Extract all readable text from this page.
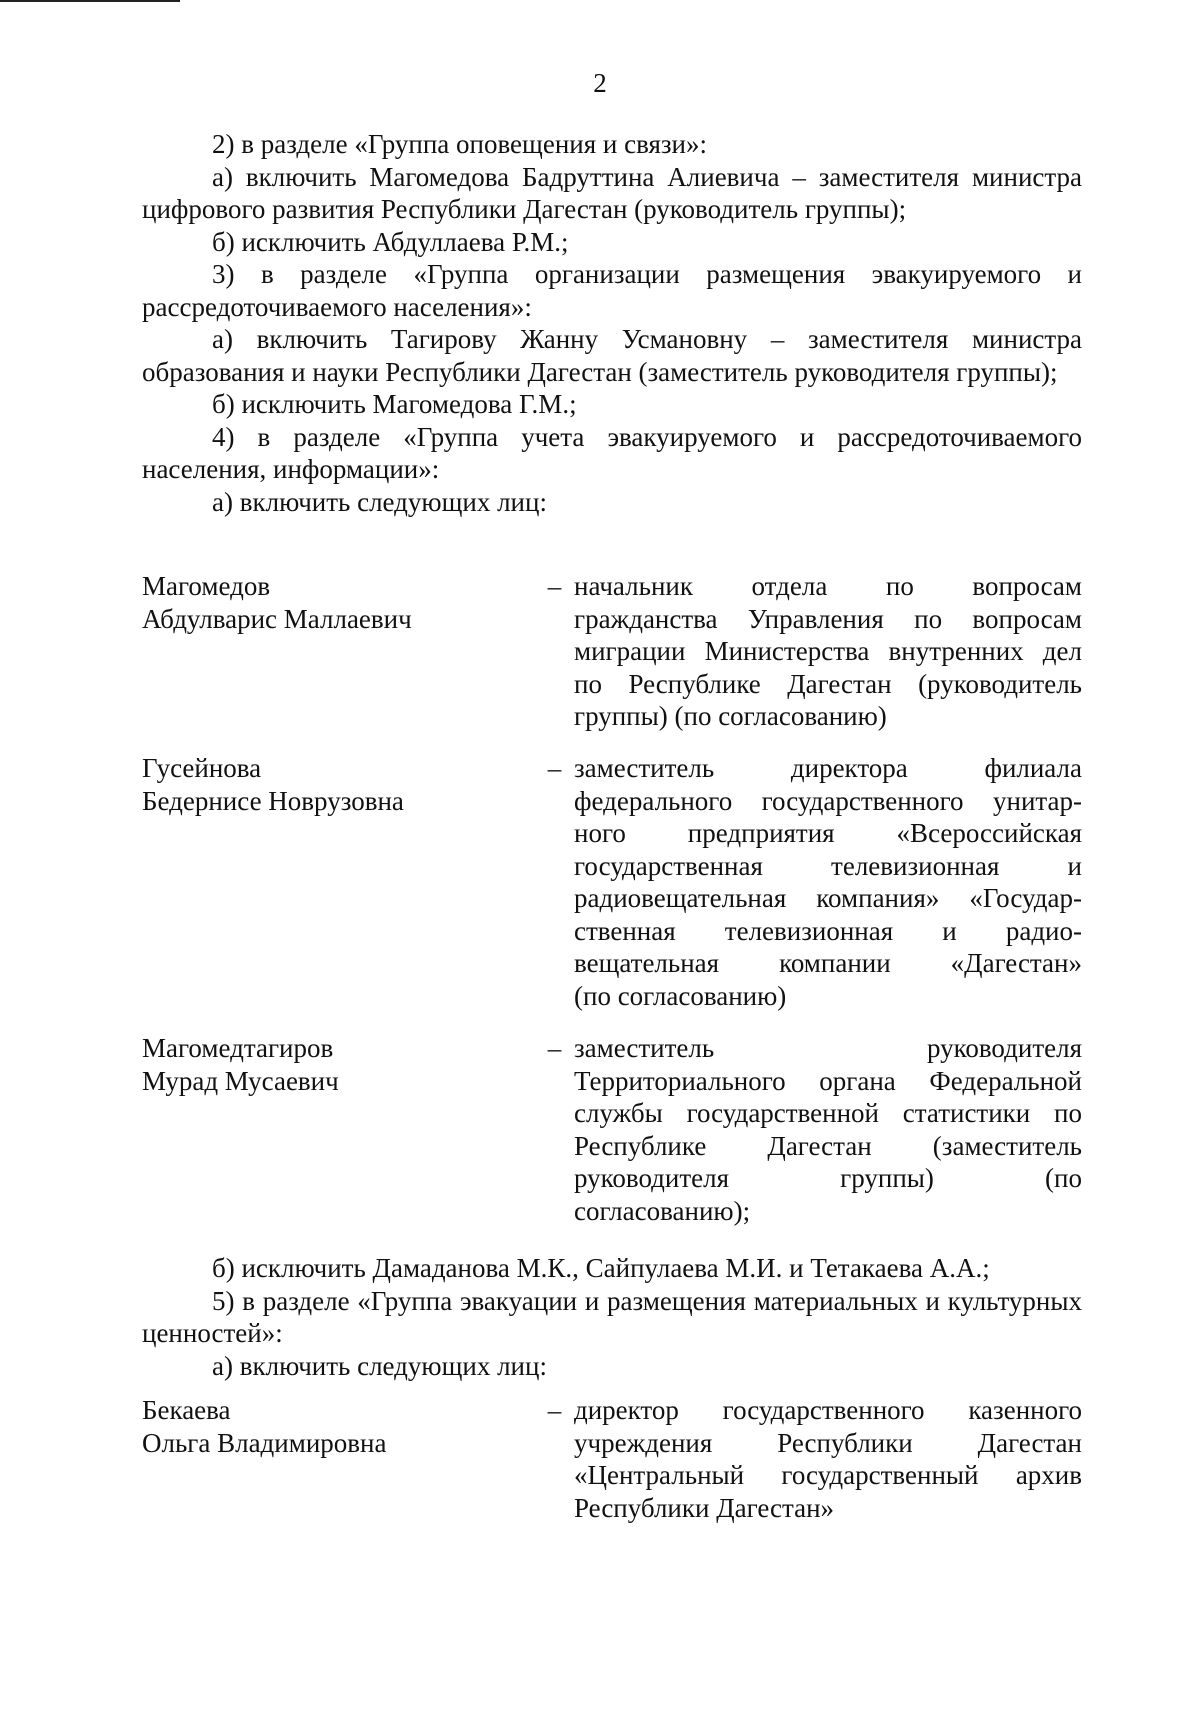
2

2) в разделе «Группа оповещения и связи»:

а) включить Магомедова Бадруттина Алиевича – заместителя министра цифрового развития Республики Дагестан (руководитель группы);

б) исключить Абдуллаева Р.М.;

3) в разделе «Группа организации размещения эвакуируемого и рассредоточиваемого населения»:

а) включить Тагирову Жанну Усмановну – заместителя министра образования и науки Республики Дагестан (заместитель руководителя группы);

б) исключить Магомедова Г.М.;

4) в разделе «Группа учета эвакуируемого и рассредоточиваемого населения, информации»:

а) включить следующих лиц:

Магомедов
Абдулварис Маллаевич
– начальник отдела по вопросам
гражданства Управления по вопросам
миграции Министерства внутренних дел
по Республике Дагестан (руководитель
группы) (по согласованию)
Гусейнова
Бедернисе Новрузовна
– заместитель директора филиала
федерального государственного унитар-
ного предприятия «Всероссийская
государственная телевизионная и
радиовещательная компания» «Государ-
ственная телевизионная и радио-
вещательная компании «Дагестан»
(по согласованию)
Магомедтагиров
Мурад Мусаевич
– заместитель руководителя
Территориального органа Федеральной
службы государственной статистики по
Республике Дагестан (заместитель
руководителя группы) (по
согласованию);

б) исключить Дамаданова М.К., Сайпулаева М.И. и Тетакаева А.А.;

5) в разделе «Группа эвакуации и размещения материальных и культурных ценностей»:

а) включить следующих лиц:

Бекаева
Ольга Владимировна
– директор государственного казенного
учреждения Республики Дагестан
«Центральный государственный архив
Республики Дагестан»
